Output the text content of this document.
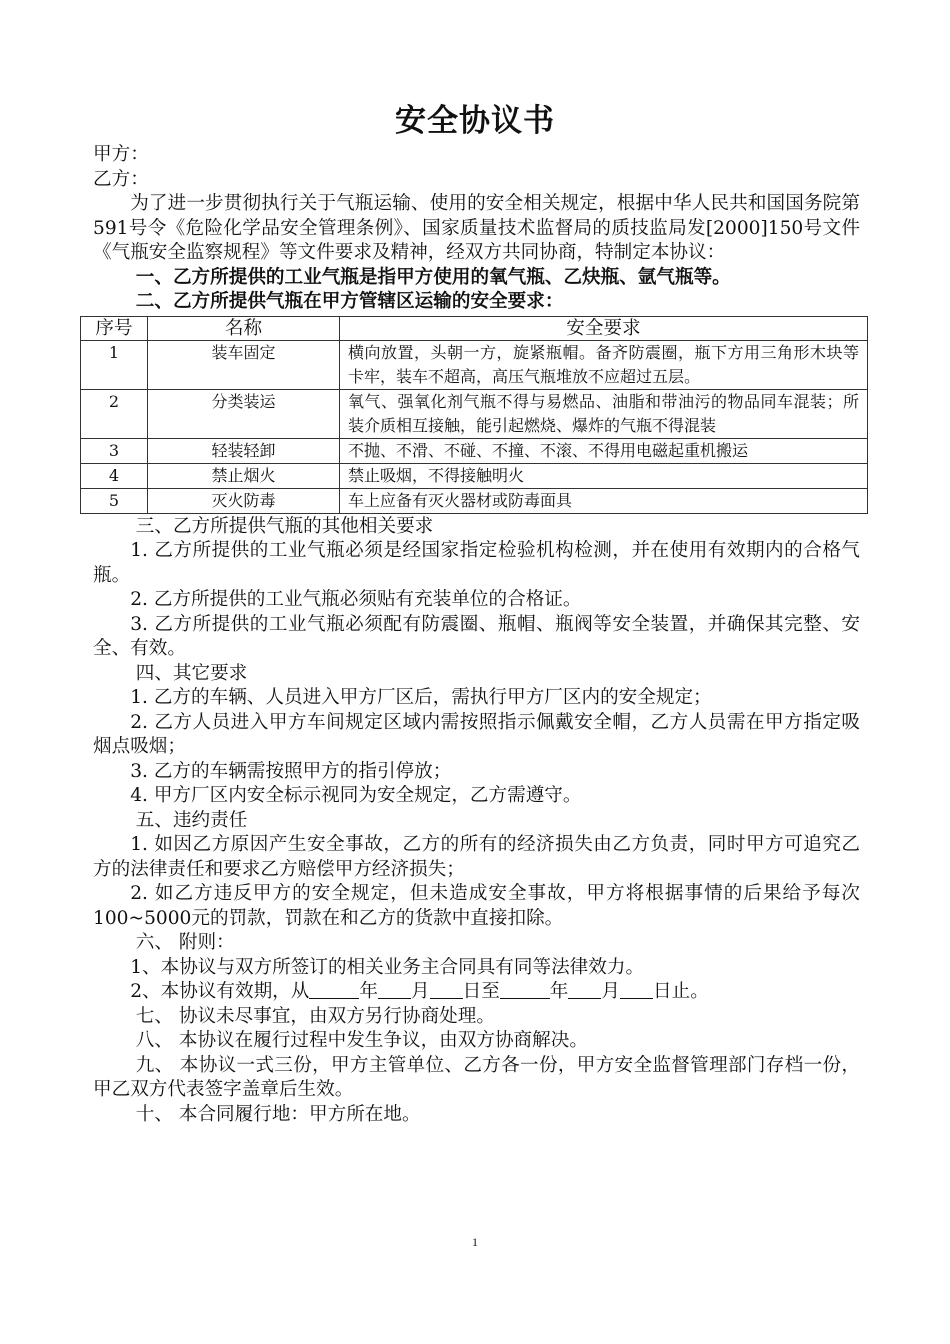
安全协议书

甲方：

乙方：

为了进一步贯彻执行关于气瓶运输、使用的安全相关规定，根据中华人民共和国国务院第591号令《危险化学品安全管理条例》、国家质量技术监督局的质技监局发[2000]150号文件《气瓶安全监察规程》等文件要求及精神，经双方共同协商，特制定本协议：

一、乙方所提供的工业气瓶是指甲方使用的氧气瓶、乙炔瓶、氩气瓶等。

二、乙方所提供气瓶在甲方管辖区运输的安全要求：

序号	名称	安全要求
1	装车固定	横向放置，头朝一方，旋紧瓶帽。备齐防震圈，瓶下方用三角形木块等卡牢，装车不超高，高压气瓶堆放不应超过五层。
2	分类装运	氧气、强氧化剂气瓶不得与易燃品、油脂和带油污的物品同车混装；所装介质相互接触，能引起燃烧、爆炸的气瓶不得混装
3	轻装轻卸	不抛、不滑、不碰、不撞、不滚、不得用电磁起重机搬运
4	禁止烟火	禁止吸烟，不得接触明火
5	灭火防毒	车上应备有灭火器材或防毒面具

三、乙方所提供气瓶的其他相关要求

1. 乙方所提供的工业气瓶必须是经国家指定检验机构检测，并在使用有效期内的合格气瓶。

2. 乙方所提供的工业气瓶必须贴有充装单位的合格证。

3. 乙方所提供的工业气瓶必须配有防震圈、瓶帽、瓶阀等安全装置，并确保其完整、安全、有效。

四、其它要求

1. 乙方的车辆、人员进入甲方厂区后，需执行甲方厂区内的安全规定；

2. 乙方人员进入甲方车间规定区域内需按照指示佩戴安全帽，乙方人员需在甲方指定吸烟点吸烟；

3. 乙方的车辆需按照甲方的指引停放；

4. 甲方厂区内安全标示视同为安全规定，乙方需遵守。

五、违约责任

1. 如因乙方原因产生安全事故，乙方的所有的经济损失由乙方负责，同时甲方可追究乙方的法律责任和要求乙方赔偿甲方经济损失；

2. 如乙方违反甲方的安全规定，但未造成安全事故，甲方将根据事情的后果给予每次100~5000元的罚款，罚款在和乙方的货款中直接扣除。

六、 附则：

1、本协议与双方所签订的相关业务主合同具有同等法律效力。

2、本协议有效期，从	年 月 日至	年 月 日止。

七、 协议未尽事宜，由双方另行协商处理。

八、 本协议在履行过程中发生争议，由双方协商解决。

九、 本协议一式三份，甲方主管单位、乙方各一份，甲方安全监督管理部门存档一份，甲乙双方代表签字盖章后生效。

十、 本合同履行地：甲方所在地。

1
